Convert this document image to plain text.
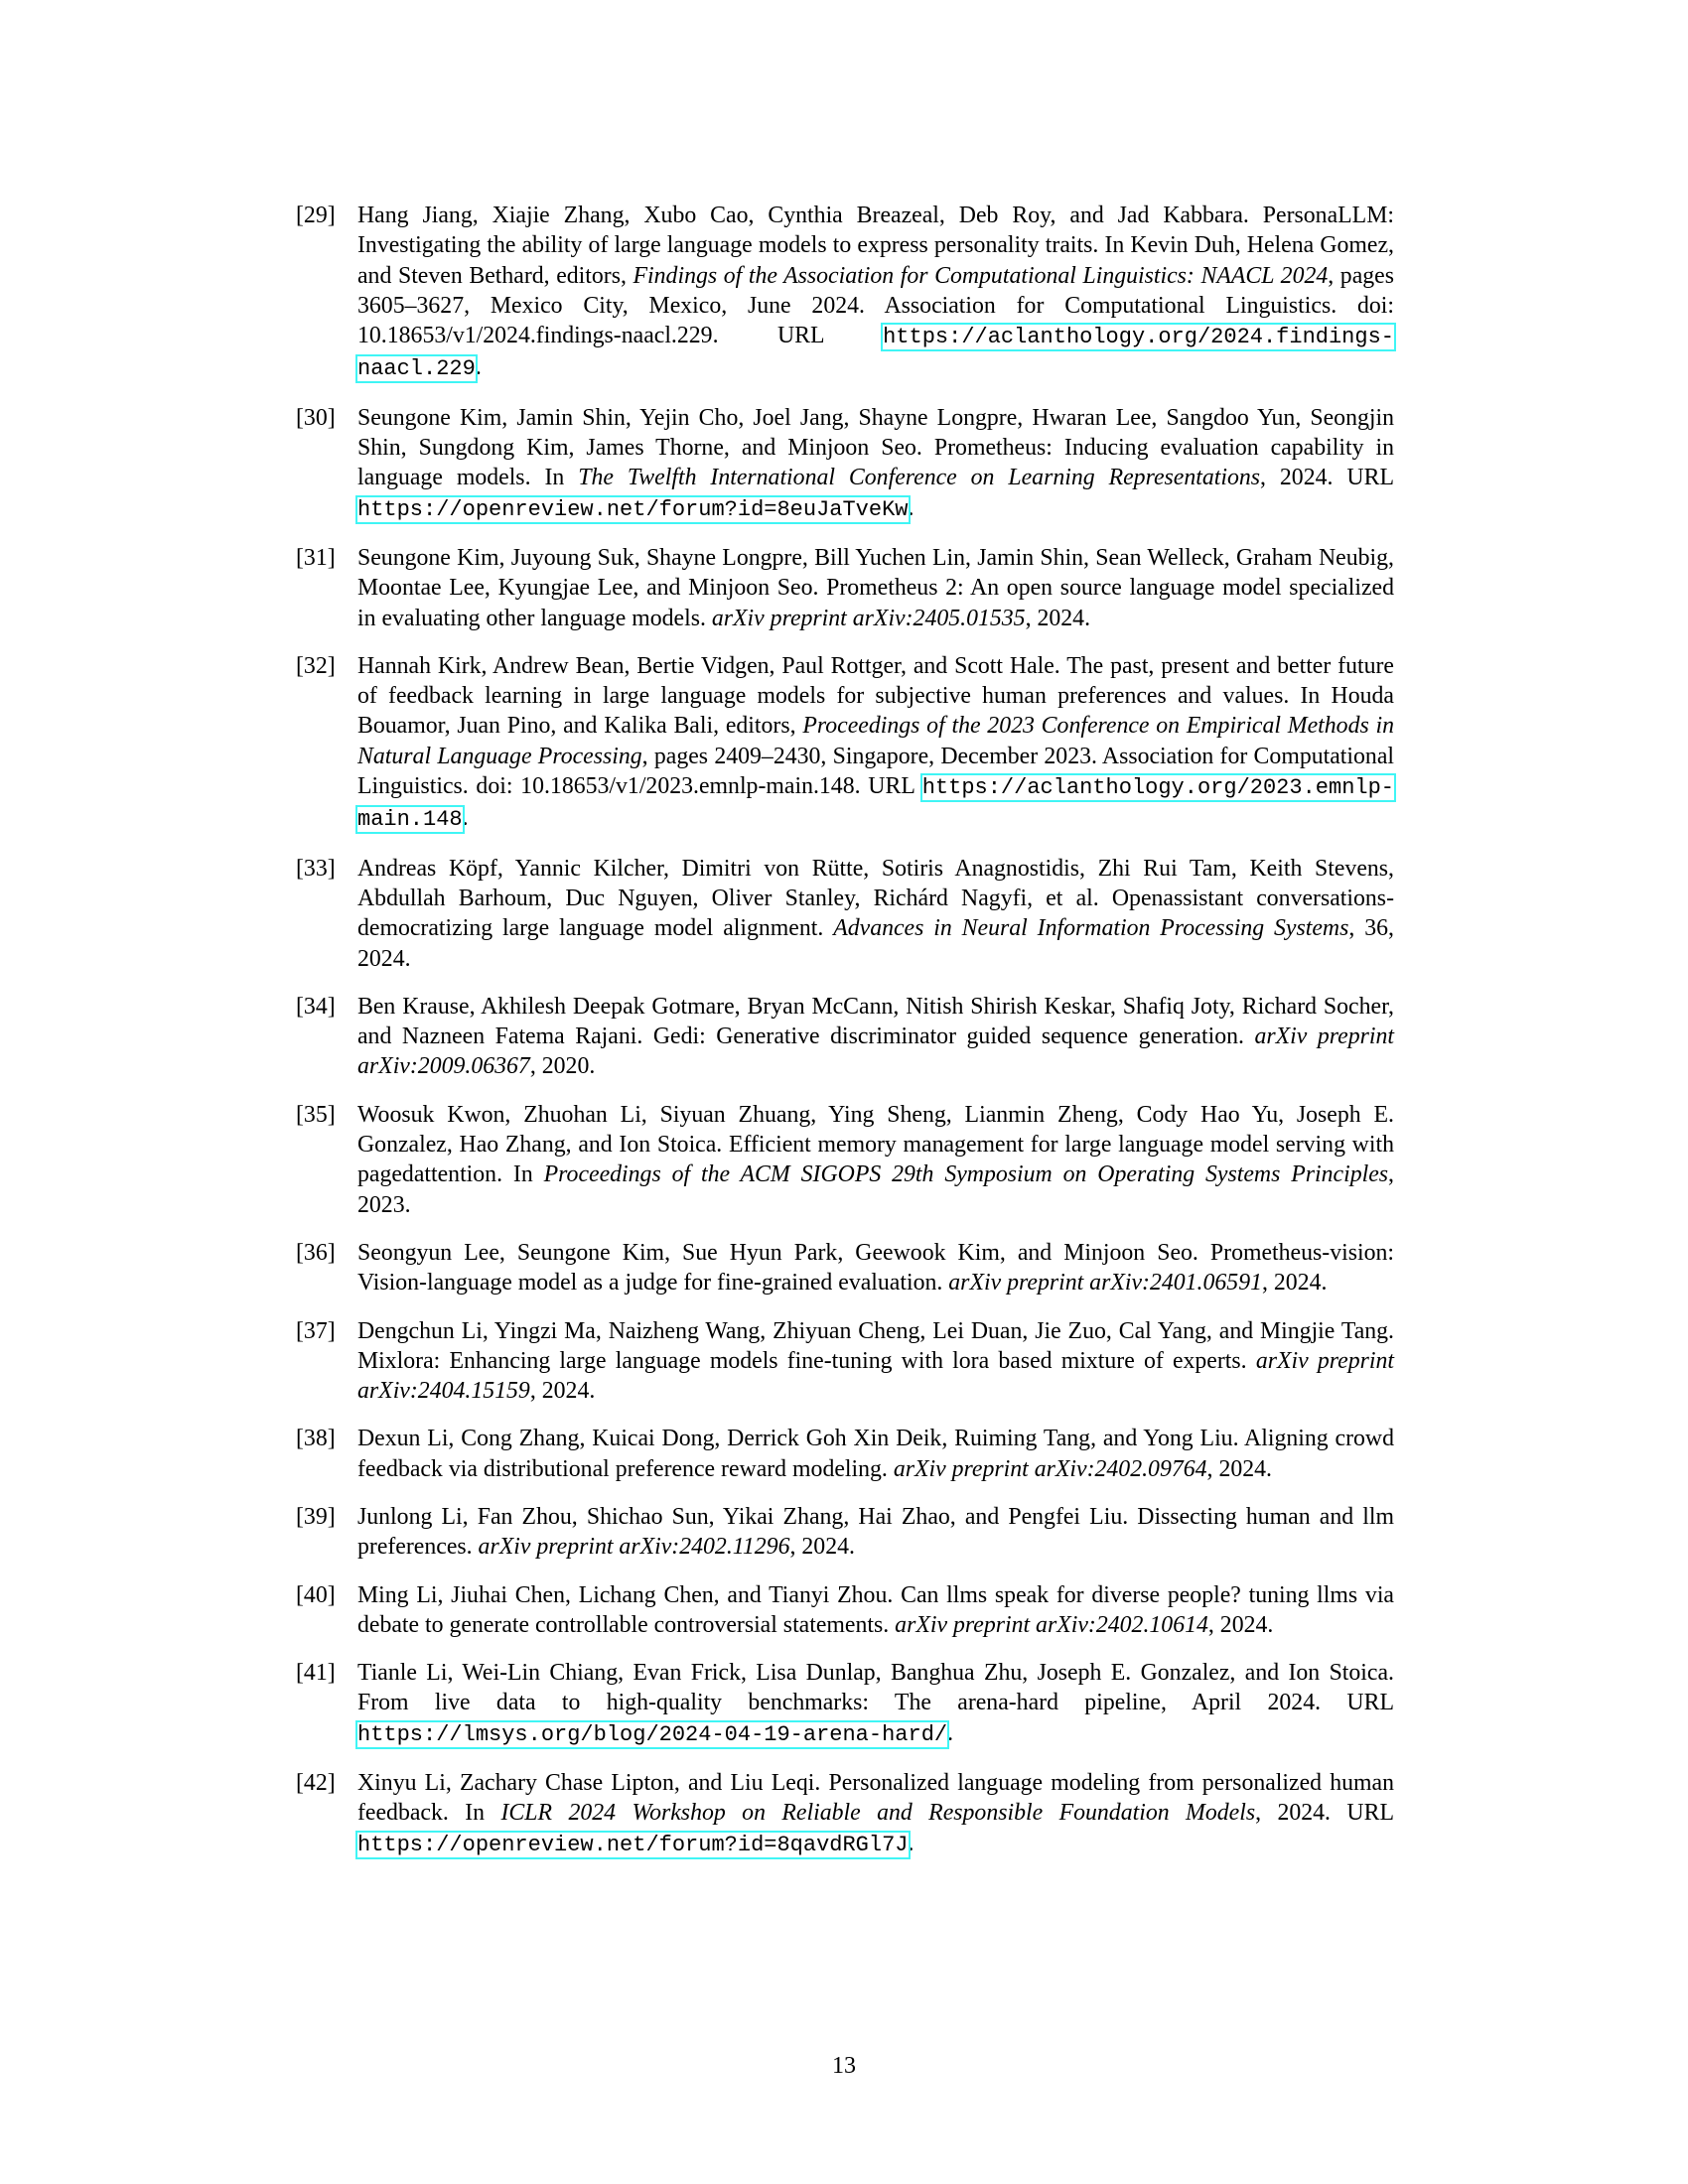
[29] Hang Jiang, Xiajie Zhang, Xubo Cao, Cynthia Breazeal, Deb Roy, and Jad Kabbara. PersonaLLM: Investigating the ability of large language models to express personality traits. In Kevin Duh, Helena Gomez, and Steven Bethard, editors, Findings of the Association for Computational Linguistics: NAACL 2024, pages 3605–3627, Mexico City, Mexico, June 2024. Association for Computational Linguistics. doi: 10.18653/v1/2024.findings-naacl.229. URL https://aclanthology.org/2024.findings-naacl.229.
[30] Seungone Kim, Jamin Shin, Yejin Cho, Joel Jang, Shayne Longpre, Hwaran Lee, Sangdoo Yun, Seongjin Shin, Sungdong Kim, James Thorne, and Minjoon Seo. Prometheus: Inducing evaluation capability in language models. In The Twelfth International Conference on Learning Representations, 2024. URL https://openreview.net/forum?id=8euJaTveKw.
[31] Seungone Kim, Juyoung Suk, Shayne Longpre, Bill Yuchen Lin, Jamin Shin, Sean Welleck, Graham Neubig, Moontae Lee, Kyungjae Lee, and Minjoon Seo. Prometheus 2: An open source language model specialized in evaluating other language models. arXiv preprint arXiv:2405.01535, 2024.
[32] Hannah Kirk, Andrew Bean, Bertie Vidgen, Paul Rottger, and Scott Hale. The past, present and better future of feedback learning in large language models for subjective human preferences and values. In Houda Bouamor, Juan Pino, and Kalika Bali, editors, Proceedings of the 2023 Conference on Empirical Methods in Natural Language Processing, pages 2409–2430, Singapore, December 2023. Association for Computational Linguistics. doi: 10.18653/v1/2023.emnlp-main.148. URL https://aclanthology.org/2023.emnlp-main.148.
[33] Andreas Köpf, Yannic Kilcher, Dimitri von Rütte, Sotiris Anagnostidis, Zhi Rui Tam, Keith Stevens, Abdullah Barhoum, Duc Nguyen, Oliver Stanley, Richárd Nagyfi, et al. Openassistant conversations-democratizing large language model alignment. Advances in Neural Information Processing Systems, 36, 2024.
[34] Ben Krause, Akhilesh Deepak Gotmare, Bryan McCann, Nitish Shirish Keskar, Shafiq Joty, Richard Socher, and Nazneen Fatema Rajani. Gedi: Generative discriminator guided sequence generation. arXiv preprint arXiv:2009.06367, 2020.
[35] Woosuk Kwon, Zhuohan Li, Siyuan Zhuang, Ying Sheng, Lianmin Zheng, Cody Hao Yu, Joseph E. Gonzalez, Hao Zhang, and Ion Stoica. Efficient memory management for large language model serving with pagedattention. In Proceedings of the ACM SIGOPS 29th Symposium on Operating Systems Principles, 2023.
[36] Seongyun Lee, Seungone Kim, Sue Hyun Park, Geewook Kim, and Minjoon Seo. Prometheus-vision: Vision-language model as a judge for fine-grained evaluation. arXiv preprint arXiv:2401.06591, 2024.
[37] Dengchun Li, Yingzi Ma, Naizheng Wang, Zhiyuan Cheng, Lei Duan, Jie Zuo, Cal Yang, and Mingjie Tang. Mixlora: Enhancing large language models fine-tuning with lora based mixture of experts. arXiv preprint arXiv:2404.15159, 2024.
[38] Dexun Li, Cong Zhang, Kuicai Dong, Derrick Goh Xin Deik, Ruiming Tang, and Yong Liu. Aligning crowd feedback via distributional preference reward modeling. arXiv preprint arXiv:2402.09764, 2024.
[39] Junlong Li, Fan Zhou, Shichao Sun, Yikai Zhang, Hai Zhao, and Pengfei Liu. Dissecting human and llm preferences. arXiv preprint arXiv:2402.11296, 2024.
[40] Ming Li, Jiuhai Chen, Lichang Chen, and Tianyi Zhou. Can llms speak for diverse people? tuning llms via debate to generate controllable controversial statements. arXiv preprint arXiv:2402.10614, 2024.
[41] Tianle Li, Wei-Lin Chiang, Evan Frick, Lisa Dunlap, Banghua Zhu, Joseph E. Gonzalez, and Ion Stoica. From live data to high-quality benchmarks: The arena-hard pipeline, April 2024. URL https://lmsys.org/blog/2024-04-19-arena-hard/.
[42] Xinyu Li, Zachary Chase Lipton, and Liu Leqi. Personalized language modeling from personalized human feedback. In ICLR 2024 Workshop on Reliable and Responsible Foundation Models, 2024. URL https://openreview.net/forum?id=8qavdRGl7J.
13
